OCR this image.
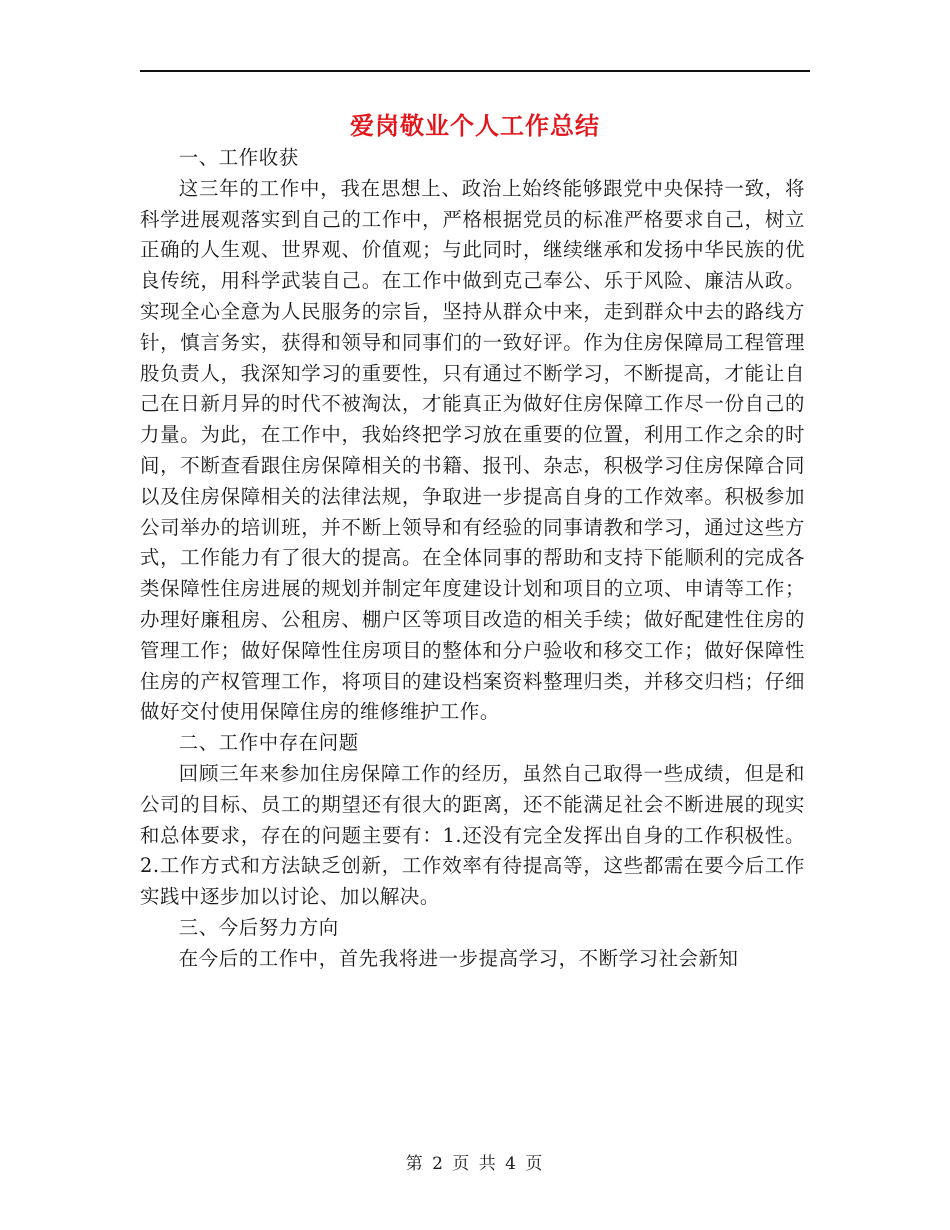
爱岗敬业个人工作总结

一、工作收获

这三年的工作中，我在思想上、政治上始终能够跟党中央保持一致，将科学进展观落实到自己的工作中，严格根据党员的标准严格要求自己，树立正确的人生观、世界观、价值观；与此同时，继续继承和发扬中华民族的优良传统，用科学武装自己。在工作中做到克己奉公、乐于风险、廉洁从政。实现全心全意为人民服务的宗旨，坚持从群众中来，走到群众中去的路线方针，慎言务实，获得和领导和同事们的一致好评。作为住房保障局工程管理股负责人，我深知学习的重要性，只有通过不断学习，不断提高，才能让自己在日新月异的时代不被淘汰，才能真正为做好住房保障工作尽一份自己的力量。为此，在工作中，我始终把学习放在重要的位置，利用工作之余的时间，不断查看跟住房保障相关的书籍、报刊、杂志，积极学习住房保障合同以及住房保障相关的法律法规，争取进一步提高自身的工作效率。积极参加公司举办的培训班，并不断上领导和有经验的同事请教和学习，通过这些方式，工作能力有了很大的提高。在全体同事的帮助和支持下能顺利的完成各类保障性住房进展的规划并制定年度建设计划和项目的立项、申请等工作；办理好廉租房、公租房、棚户区等项目改造的相关手续；做好配建性住房的管理工作；做好保障性住房项目的整体和分户验收和移交工作；做好保障性住房的产权管理工作，将项目的建设档案资料整理归类，并移交归档；仔细做好交付使用保障住房的维修维护工作。

二、工作中存在问题

回顾三年来参加住房保障工作的经历，虽然自己取得一些成绩，但是和公司的目标、员工的期望还有很大的距离，还不能满足社会不断进展的现实和总体要求，存在的问题主要有：1.还没有完全发挥出自身的工作积极性。2.工作方式和方法缺乏创新，工作效率有待提高等，这些都需在要今后工作实践中逐步加以讨论、加以解决。

三、今后努力方向

在今后的工作中，首先我将进一步提高学习，不断学习社会新知

第 2 页 共 4 页
